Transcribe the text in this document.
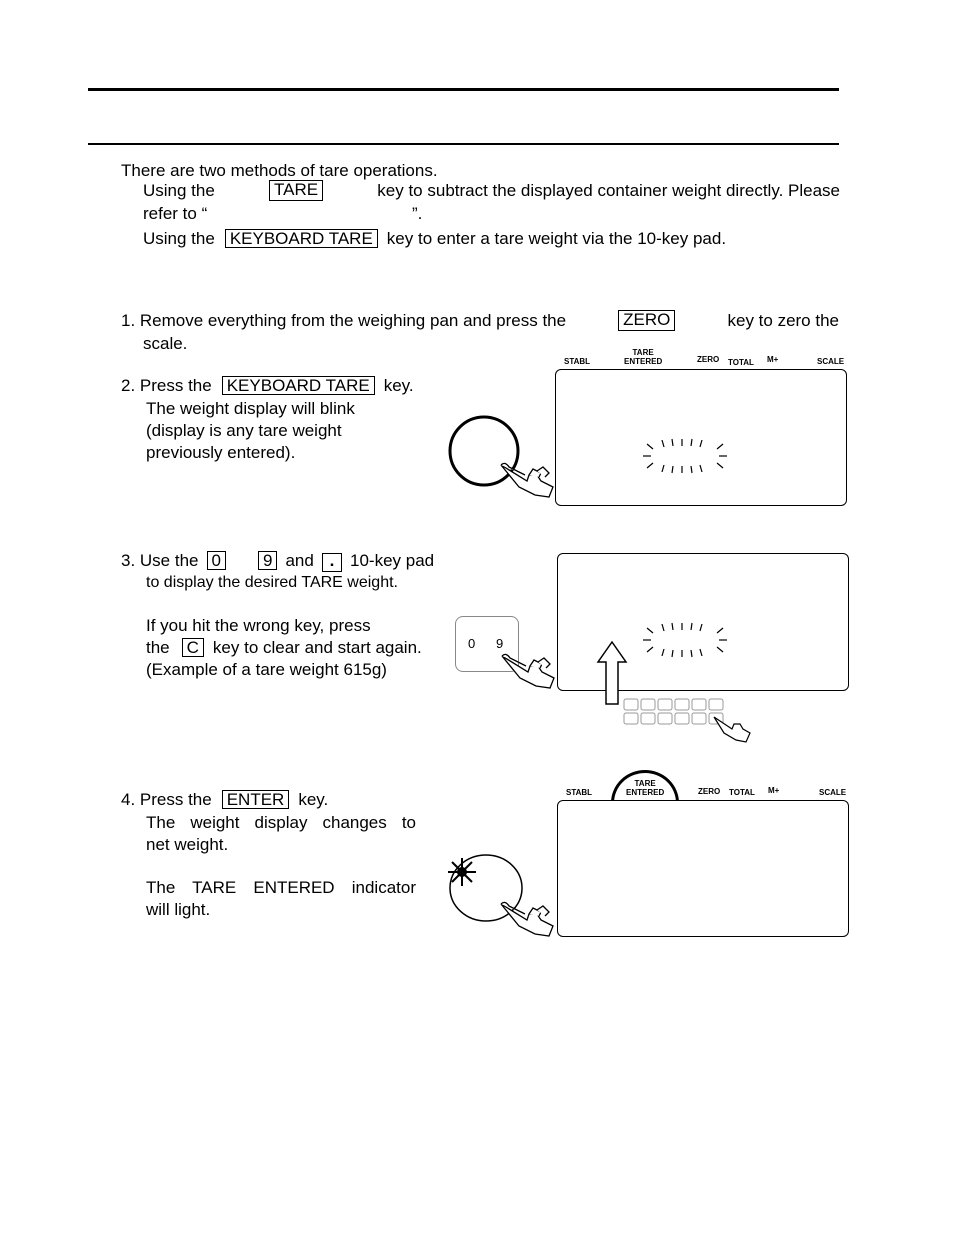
There are two methods of tare operations.
Using the	TARE	key to subtract the displayed container weight directly. Please
refer to “	”.
Using the KEYBOARD TARE key to enter a tare weight via the 10-key pad.
1. Remove everything from the weighing pan and press the	ZERO	key to zero the
scale.
2. Press the KEYBOARD TARE key.
The weight display will blink
(display is any tare weight
previously entered).
STABL
TARE
ENTERED	ZERO TOTAL M+	SCALE
3. Use the 0 9 and . 10-key pad
to display the desired TARE weight.
If you hit the wrong key, press
the C key to clear and start again.
(Example of a tare weight 615g)
0 9
4. Press the ENTER key.
The weight display changes to
net weight.
The TARE ENTERED indicator
will light.
STABL
TARE
ENTERED	ZERO TOTAL M+	SCALE
